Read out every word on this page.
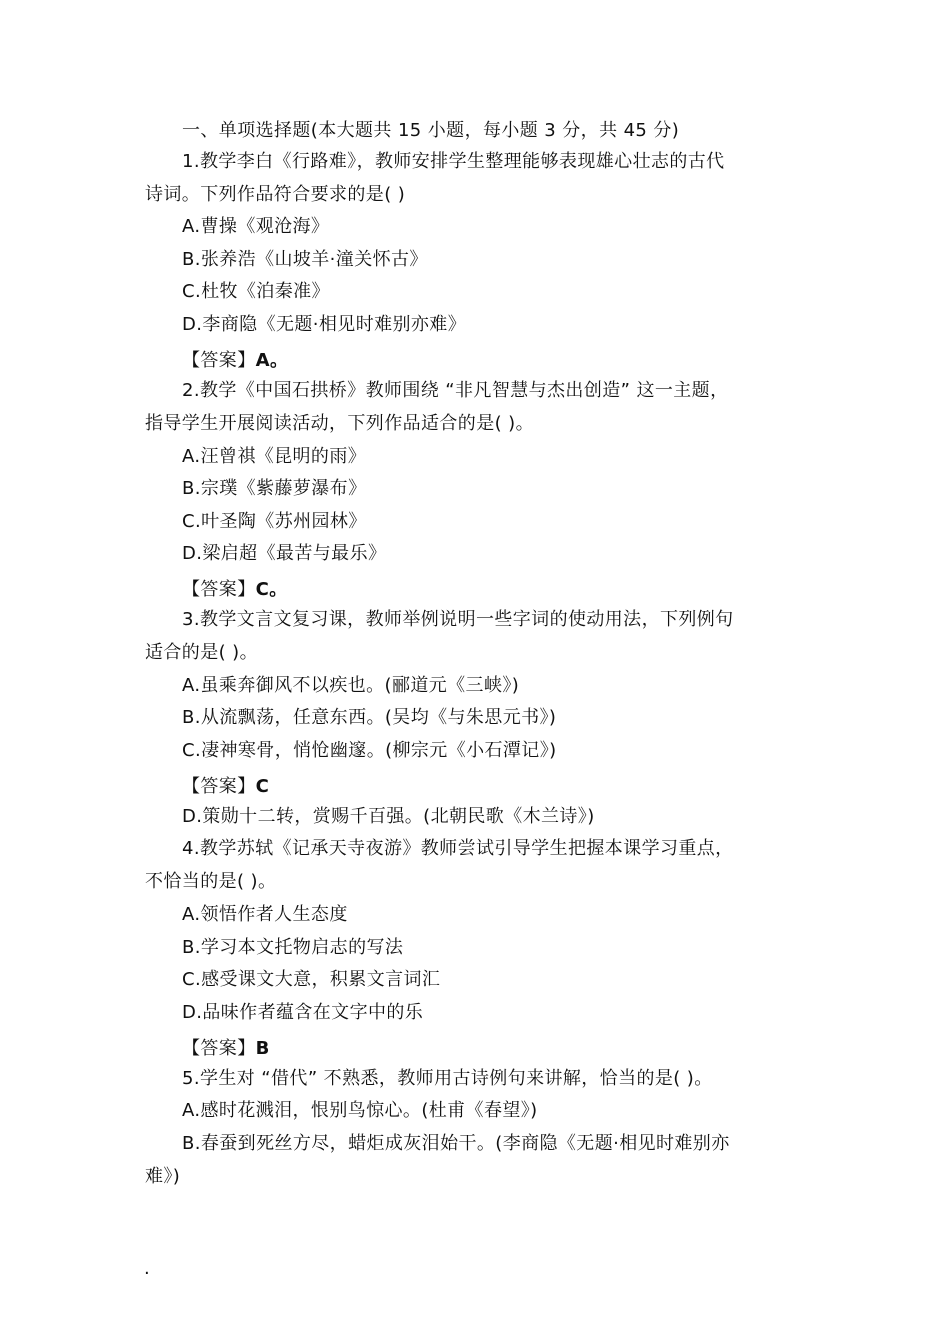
一、单项选择题(本大题共 15 小题，每小题 3 分，共 45 分)
1.教学李白《行路难》，教师安排学生整理能够表现雄心壮志的古代
诗词。下列作品符合要求的是( )
A.曹操《观沧海》
B.张养浩《山坡羊·潼关怀古》
C.杜牧《泊秦准》
D.李商隐《无题·相见时难别亦难》
【答案】A。
2.教学《中国石拱桥》教师围绕 “非凡智慧与杰出创造” 这一主题，
指导学生开展阅读活动，下列作品适合的是( )。
A.汪曾祺《昆明的雨》
B.宗璞《紫藤萝瀑布》
C.叶圣陶《苏州园林》
D.梁启超《最苦与最乐》
【答案】C。
3.教学文言文复习课，教师举例说明一些字词的使动用法，下列例句
适合的是( )。
A.虽乘奔御风不以疾也。(郦道元《三峡》)
B.从流飘荡，任意东西。(吴均《与朱思元书》)
C.凄神寒骨，悄怆幽邃。(柳宗元《小石潭记》)
【答案】C
D.策勋十二转，赏赐千百强。(北朝民歌《木兰诗》)
4.教学苏轼《记承天寺夜游》教师尝试引导学生把握本课学习重点，
不恰当的是( )。
A.领悟作者人生态度
B.学习本文托物启志的写法
C.感受课文大意，积累文言词汇
D.品味作者蕴含在文字中的乐
【答案】B
5.学生对 “借代” 不熟悉，教师用古诗例句来讲解，恰当的是( )。
A.感时花溅泪，恨别鸟惊心。(杜甫《春望》)
B.春蚕到死丝方尽，蜡炬成灰泪始干。(李商隐《无题·相见时难别亦
难》)
.
